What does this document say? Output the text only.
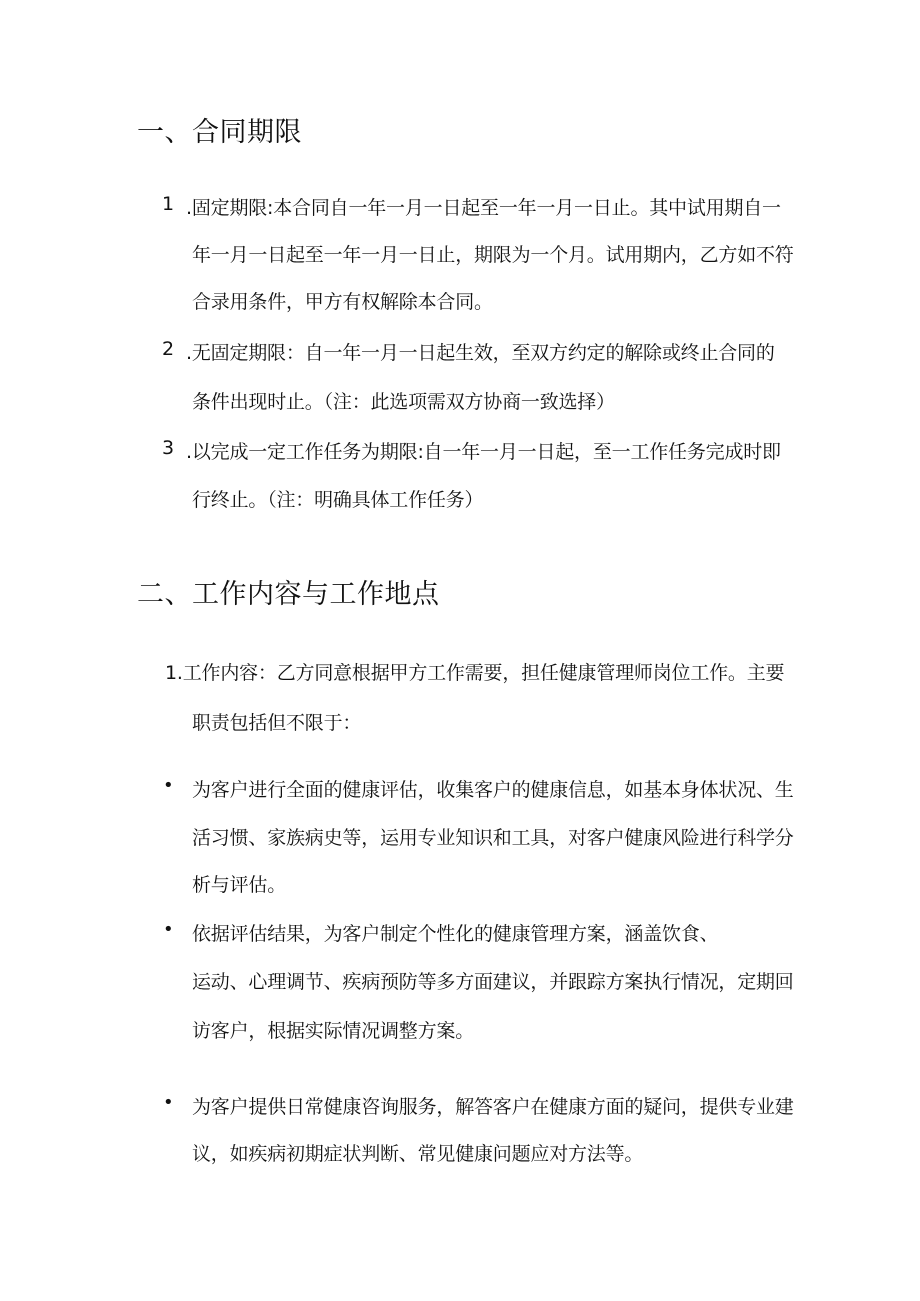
一、合同期限
1 .固定期限:本合同自一年一月一日起至一年一月一日止。其中试用期自一
年一月一日起至一年一月一日止，期限为一个月。试用期内，乙方如不符
合录用条件，甲方有权解除本合同。
2 .无固定期限：自一年一月一日起生效，至双方约定的解除或终止合同的
条件出现时止。（注：此选项需双方协商一致选择）
3 .以完成一定工作任务为期限:自一年一月一日起，至一工作任务完成时即
行终止。（注：明确具体工作任务）
二、工作内容与工作地点
1.工作内容：乙方同意根据甲方工作需要，担任健康管理师岗位工作。主要
职责包括但不限于：
• 为客户进行全面的健康评估，收集客户的健康信息，如基本身体状况、生
活习惯、家族病史等，运用专业知识和工具，对客户健康风险进行科学分
析与评估。
• 依据评估结果，为客户制定个性化的健康管理方案，涵盖饮食、
运动、心理调节、疾病预防等多方面建议，并跟踪方案执行情况，定期回
访客户，根据实际情况调整方案。
• 为客户提供日常健康咨询服务，解答客户在健康方面的疑问，提供专业建
议，如疾病初期症状判断、常见健康问题应对方法等。
